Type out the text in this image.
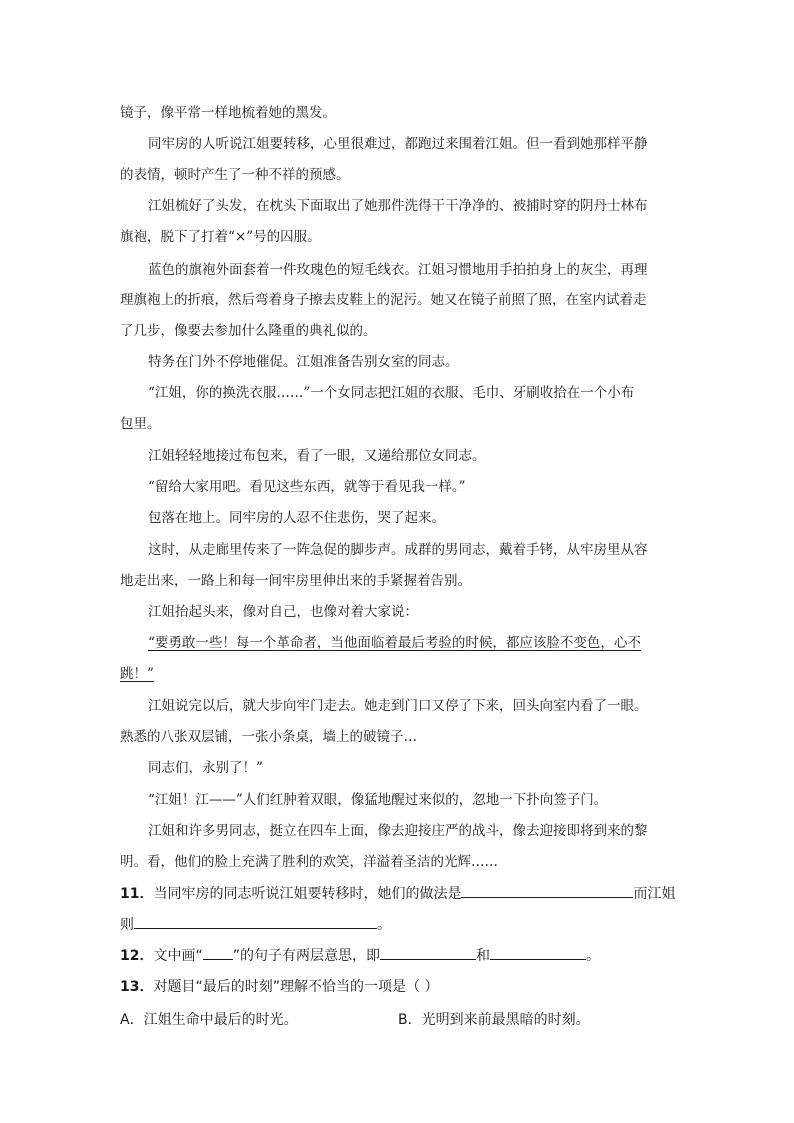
镜子，像平常一样地梳着她的黑发。
同牢房的人听说江姐要转移，心里很难过，都跑过来围着江姐。但一看到她那样平静
的表情，顿时产生了一种不祥的预感。
江姐梳好了头发，在枕头下面取出了她那件洗得干干净净的、被捕时穿的阴丹士林布
旗袍，脱下了打着“×”号的囚服。
蓝色的旗袍外面套着一件玫瑰色的短毛线衣。江姐习惯地用手拍拍身上的灰尘，再理
理旗袍上的折痕，然后弯着身子擦去皮鞋上的泥污。她又在镜子前照了照，在室内试着走
了几步，像要去参加什么隆重的典礼似的。
特务在门外不停地催促。江姐准备告别女室的同志。
“江姐，你的换洗衣服……”一个女同志把江姐的衣服、毛巾、牙刷收拾在一个小布
包里。
江姐轻轻地接过布包来，看了一眼，又递给那位女同志。
“留给大家用吧。看见这些东西，就等于看见我一样。”
包落在地上。同牢房的人忍不住悲伤，哭了起来。
这时，从走廊里传来了一阵急促的脚步声。成群的男同志，戴着手铐，从牢房里从容
地走出来，一路上和每一间牢房里伸出来的手紧握着告别。
江姐抬起头来，像对自己，也像对着大家说：
“要勇敢一些！每一个革命者，当他面临着最后考验的时候，都应该脸不变色，心不
跳！”
江姐说完以后，就大步向牢门走去。她走到门口又停了下来，回头向室内看了一眼。
熟悉的八张双层铺，一张小条桌，墙上的破镜子…
同志们，永别了！”
“江姐！江——”人们红肿着双眼，像猛地醒过来似的，忽地一下扑向签子门。
江姐和许多男同志，挺立在四车上面，像去迎接庄严的战斗，像去迎接即将到来的黎
明。看，他们的脸上充满了胜利的欢笑，洋溢着圣洁的光辉……
11．当同牢房的同志听说江姐要转移时，她们的做法是	而江姐
则	。
12．文中画“ ”的句子有两层意思，即	和	。
13．对题目“最后的时刻”理解不恰当的一项是（ ）
A．江姐生命中最后的时光。	B．光明到来前最黑暗的时刻。
